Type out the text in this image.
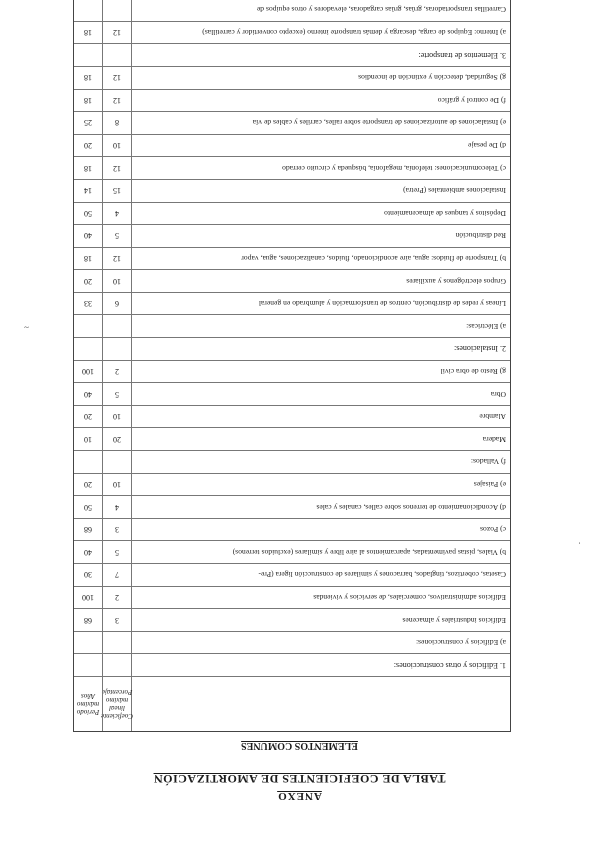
ANEXO
TABLA DE COEFICIENTES DE AMORTIZACIÓN
ELEMENTOS COMUNES
Coeficiente lineal máximo Porcentaje
Periodo máximo Años
1. Edificios y otras construcciones:
a) Edificios y construcciones:
Edificios industriales y almacenes
3
68
Edificios administrativos, comerciales, de servicios y viviendas
2
100
Casetas, cobertizos, tinglados, barracones y similares de construcción ligera (Pre-
7
30
b) Viales, pistas pavimentadas, aparcamientos al aire libre y similares (excluidos terrenos)
5
40
c) Pozos
3
68
d) Acondicionamiento de terrenos sobre calles, canales y cales
4
50
e) Paisajes
10
20
f) Vallados:
Madera
20
10
Alambre
10
20
Obra
5
40
g) Resto de obra civil
2
100
2. Instalaciones:
a) Eléctricas:
Líneas y redes de distribución, centros de transformación y alumbrado en general
6
33
Grupos electrógenos y auxiliares
10
20
b) Transporte de fluidos: agua, aire acondicionado, fluidos, canalizaciones, agua, vapor
12
18
Red distribución
5
40
Depósitos y tanques de almacenamiento
4
50
Instalaciones ambientales (Pretra)
15
14
c) Telecomunicaciones: telefonía, megafonía, búsqueda y circuito cerrado
12
18
d) De pesaje
10
20
e) Instalaciones de autorizaciones de transporte sobre raíles, carriles y cables de vía
8
25
f) De control y gráfico
12
18
g) Seguridad, detección y extinción de incendios
12
18
3. Elementos de transporte:
a) Interno: Equipos de carga, descarga y demás transporte interno (excepto convertidor y carretillas)
12
18
Carretillas transportadoras, grúas, grúas cargadoras, elevadores y otros equipos de
~
·
